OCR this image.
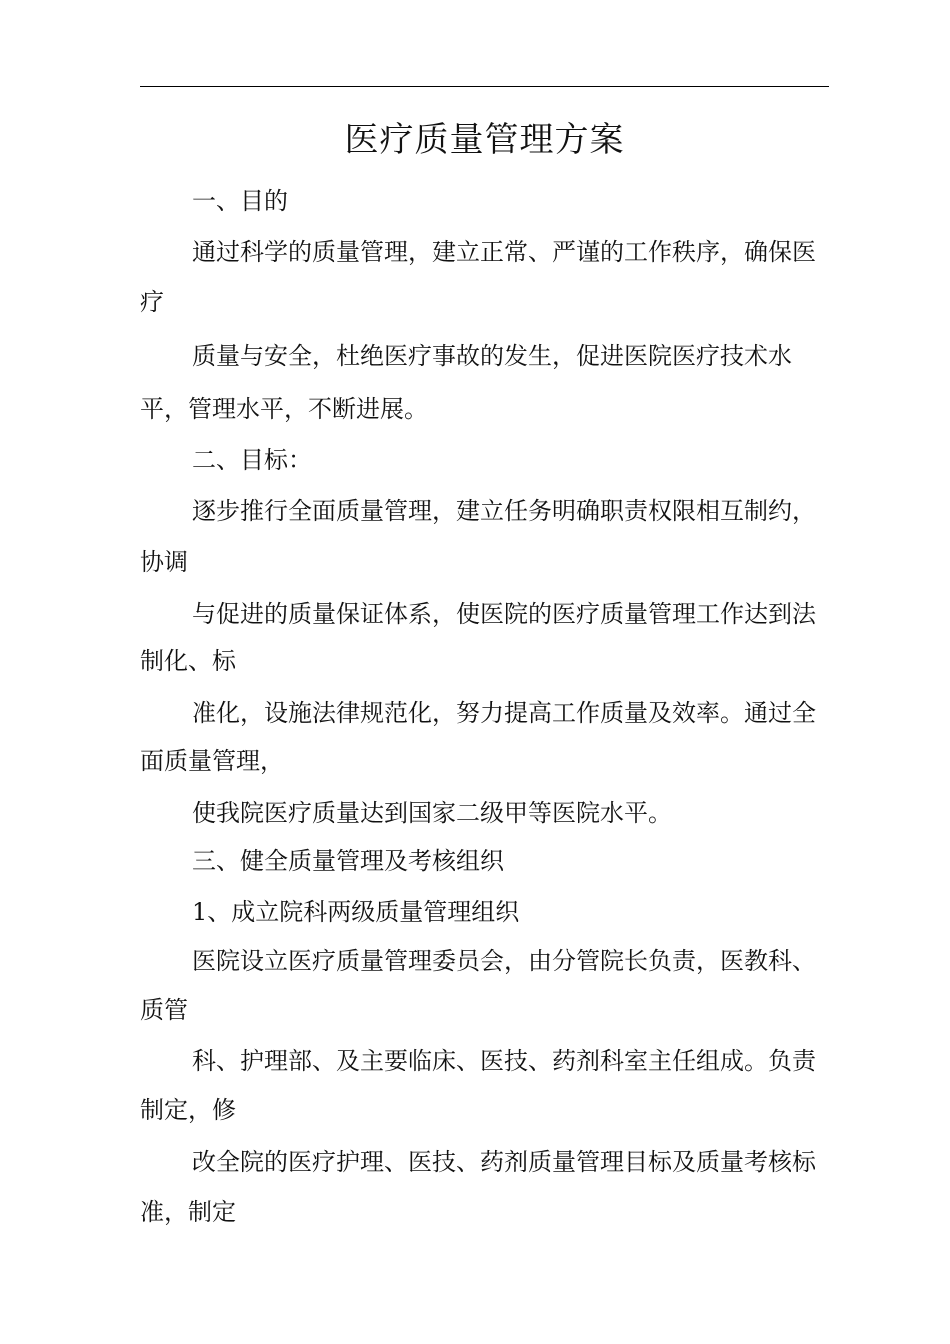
医疗质量管理方案
一、目的
通过科学的质量管理，建立正常、严谨的工作秩序，确保医
疗
质量与安全，杜绝医疗事故的发生，促进医院医疗技术水
平，管理水平，不断进展。
二、目标：
逐步推行全面质量管理，建立任务明确职责权限相互制约，
协调
与促进的质量保证体系，使医院的医疗质量管理工作达到法
制化、标
准化，设施法律规范化，努力提高工作质量及效率。通过全
面质量管理，
使我院医疗质量达到国家二级甲等医院水平。
三、健全质量管理及考核组织
1、成立院科两级质量管理组织
医院设立医疗质量管理委员会，由分管院长负责，医教科、
质管
科、护理部、及主要临床、医技、药剂科室主任组成。负责
制定，修
改全院的医疗护理、医技、药剂质量管理目标及质量考核标
准，制定
